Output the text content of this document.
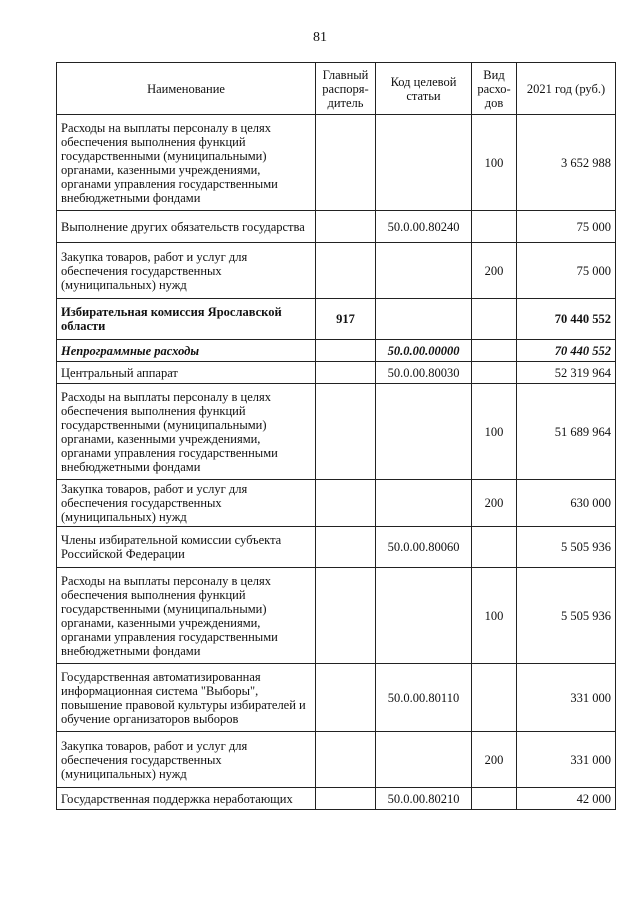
81
Наименование	Главный распоря-дитель	Код целевой статьи	Вид расхо-дов	2021 год (руб.)
Расходы на выплаты персоналу в целях обеспечения выполнения функций государственными (муниципальными) органами, казенными учреждениями, органами управления государственными внебюджетными фондами			100	3 652 988
Выполнение других обязательств государства		50.0.00.80240		75 000
Закупка товаров, работ и услуг для обеспечения государственных (муниципальных) нужд			200	75 000
Избирательная комиссия Ярославской области	917			70 440 552
Непрограммные расходы		50.0.00.00000		70 440 552
Центральный аппарат		50.0.00.80030		52 319 964
Расходы на выплаты персоналу в целях обеспечения выполнения функций государственными (муниципальными) органами, казенными учреждениями, органами управления государственными внебюджетными фондами			100	51 689 964
Закупка товаров, работ и услуг для обеспечения государственных (муниципальных) нужд			200	630 000
Члены избирательной комиссии субъекта Российской Федерации		50.0.00.80060		5 505 936
Расходы на выплаты персоналу в целях обеспечения выполнения функций государственными (муниципальными) органами, казенными учреждениями, органами управления государственными внебюджетными фондами			100	5 505 936
Государственная автоматизированная информационная система "Выборы", повышение правовой культуры избирателей и обучение организаторов выборов		50.0.00.80110		331 000
Закупка товаров, работ и услуг для обеспечения государственных (муниципальных) нужд			200	331 000
Государственная поддержка неработающих		50.0.00.80210		42 000
